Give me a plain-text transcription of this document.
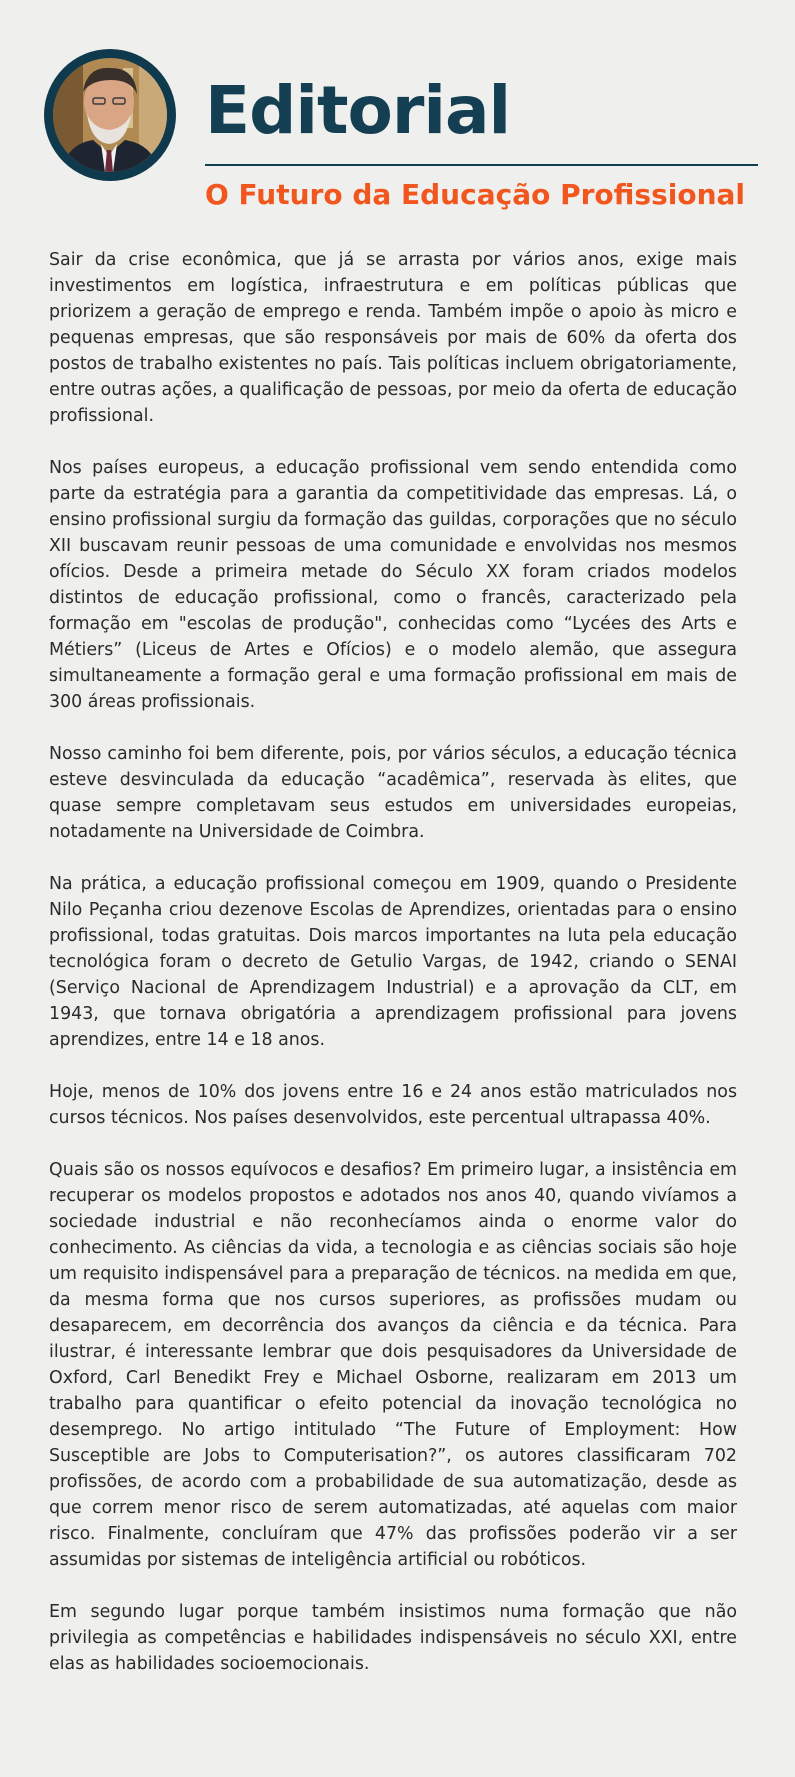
Editorial
O Futuro da Educação Profissional

Sair da crise econômica, que já se arrasta por vários anos, exige mais investimentos em logística, infraestrutura e em políticas públicas que priorizem a geração de emprego e renda. Também impõe o apoio às micro e pequenas empresas, que são responsáveis por mais de 60% da oferta dos postos de trabalho existentes no país. Tais políticas incluem obrigatoriamente, entre outras ações, a qualificação de pessoas, por meio da oferta de educação profissional.

Nos países europeus, a educação profissional vem sendo entendida como parte da estratégia para a garantia da competitividade das empresas. Lá, o ensino profissional surgiu da formação das guildas, corporações que no século XII buscavam reunir pessoas de uma comunidade e envolvidas nos mesmos ofícios. Desde a primeira metade do Século XX foram criados modelos distintos de educação profissional, como o francês, caracterizado pela formação em "escolas de produção", conhecidas como “Lycées des Arts e Métiers” (Liceus de Artes e Ofícios) e o modelo alemão, que assegura simultaneamente a formação geral e uma formação profissional em mais de 300 áreas profissionais.

Nosso caminho foi bem diferente, pois, por vários séculos, a educação técnica esteve desvinculada da educação “acadêmica”, reservada às elites, que quase sempre completavam seus estudos em universidades europeias, notadamente na Universidade de Coimbra.

Na prática, a educação profissional começou em 1909, quando o Presidente Nilo Peçanha criou dezenove Escolas de Aprendizes, orientadas para o ensino profissional, todas gratuitas. Dois marcos importantes na luta pela educação tecnológica foram o decreto de Getulio Vargas, de 1942, criando o SENAI (Serviço Nacional de Aprendizagem Industrial) e a aprovação da CLT, em 1943, que tornava obrigatória a aprendizagem profissional para jovens aprendizes, entre 14 e 18 anos.

Hoje, menos de 10% dos jovens entre 16 e 24 anos estão matriculados nos cursos técnicos. Nos países desenvolvidos, este percentual ultrapassa 40%.

Quais são os nossos equívocos e desafios? Em primeiro lugar, a insistência em recuperar os modelos propostos e adotados nos anos 40, quando vivíamos a sociedade industrial e não reconhecíamos ainda o enorme valor do conhecimento. As ciências da vida, a tecnologia e as ciências sociais são hoje um requisito indispensável para a preparação de técnicos. na medida em que, da mesma forma que nos cursos superiores, as profissões mudam ou desaparecem, em decorrência dos avanços da ciência e da técnica. Para ilustrar, é interessante lembrar que dois pesquisadores da Universidade de Oxford, Carl Benedikt Frey e Michael Osborne, realizaram em 2013 um trabalho para quantificar o efeito potencial da inovação tecnológica no desemprego. No artigo intitulado “The Future of Employment: How Susceptible are Jobs to Computerisation?”, os autores classificaram 702 profissões, de acordo com a probabilidade de sua automatização, desde as que correm menor risco de serem automatizadas, até aquelas com maior risco. Finalmente, concluíram que 47% das profissões poderão vir a ser assumidas por sistemas de inteligência artificial ou robóticos.

Em segundo lugar porque também insistimos numa formação que não privilegia as competências e habilidades indispensáveis no século XXI, entre elas as habilidades socioemocionais.
